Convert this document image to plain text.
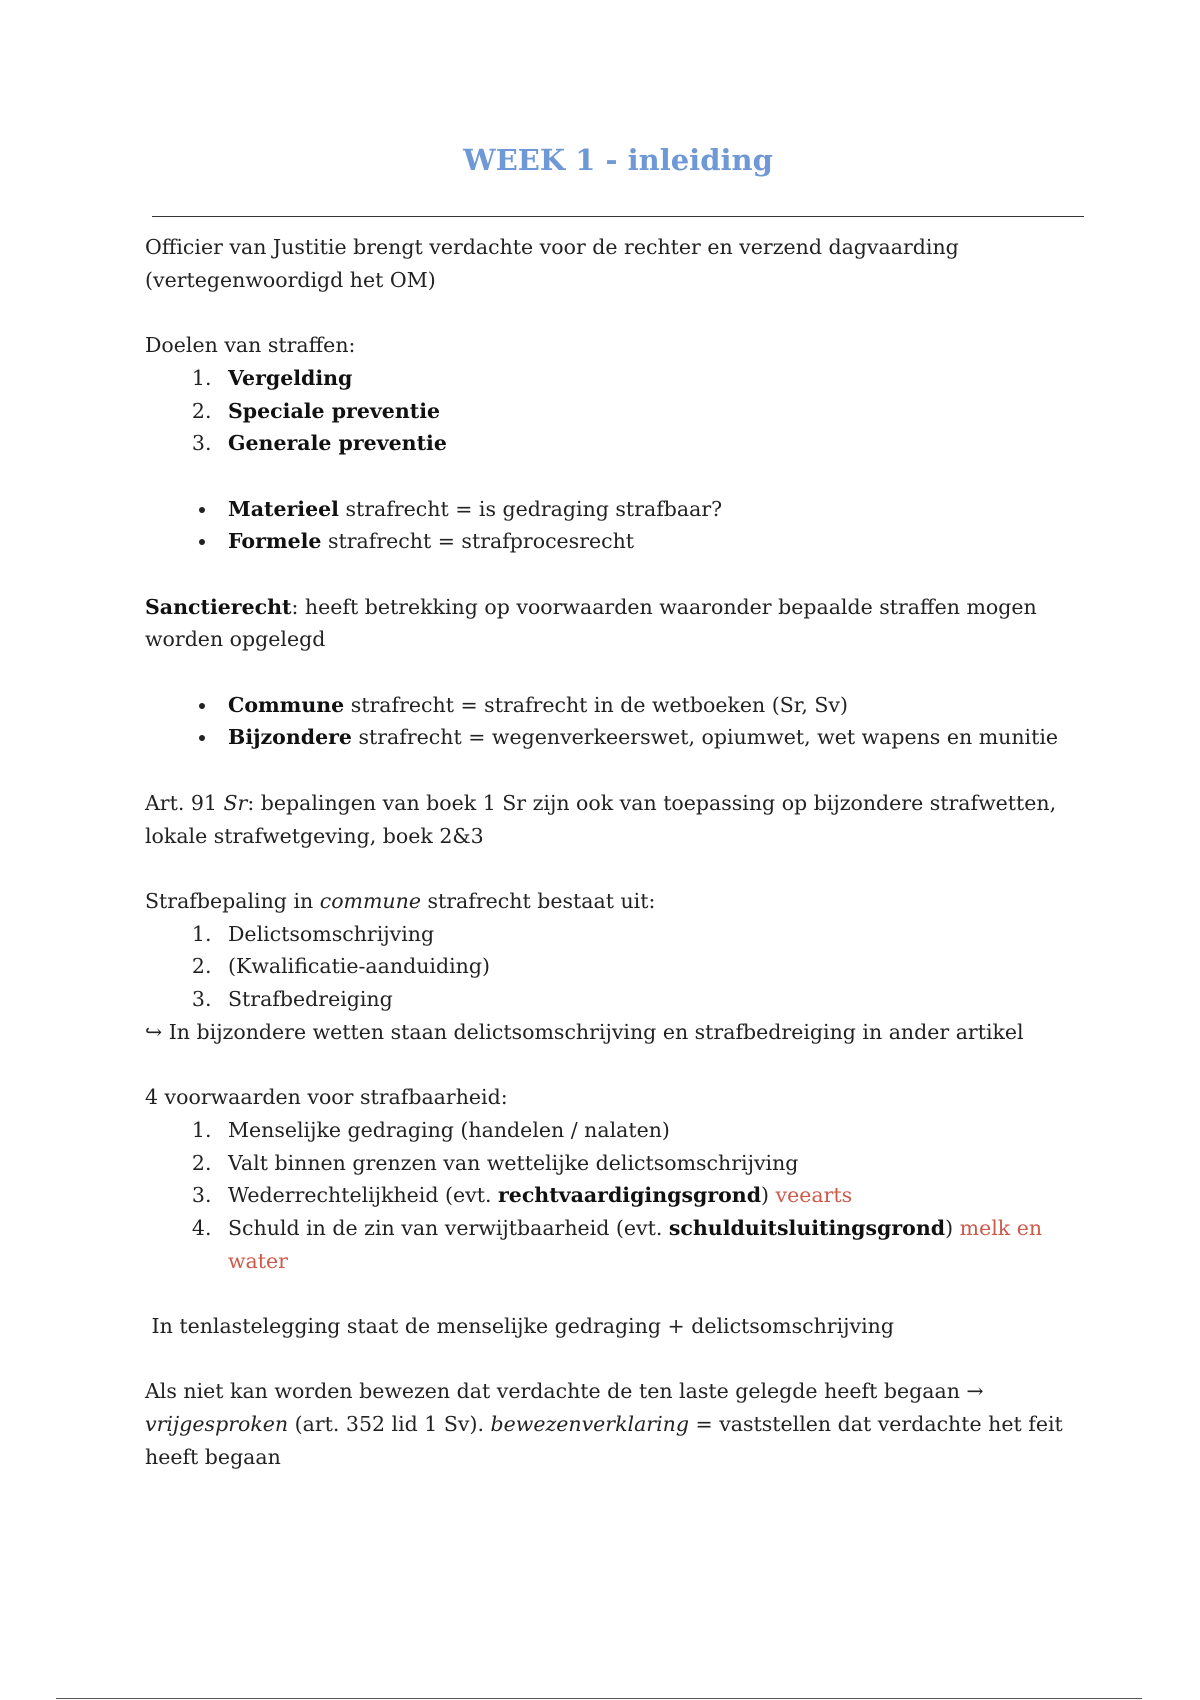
WEEK 1 - inleiding

Officier van Justitie brengt verdachte voor de rechter en verzend dagvaarding (vertegenwoordigd het OM)

Doelen van straffen:

1. Vergelding
2. Speciale preventie
3. Generale preventie
• Materieel strafrecht = is gedraging strafbaar?
• Formele strafrecht = strafprocesrecht

Sanctierecht: heeft betrekking op voorwaarden waaronder bepaalde straffen mogen worden opgelegd

• Commune strafrecht = strafrecht in de wetboeken (Sr, Sv)
• Bijzondere strafrecht = wegenverkeerswet, opiumwet, wet wapens en munitie

Art. 91 Sr: bepalingen van boek 1 Sr zijn ook van toepassing op bijzondere strafwetten, lokale strafwetgeving, boek 2&3

Strafbepaling in commune strafrecht bestaat uit:

1. Delictsomschrijving
2. (Kwalificatie-aanduiding)
3. Strafbedreiging

↪ In bijzondere wetten staan delictsomschrijving en strafbedreiging in ander artikel

4 voorwaarden voor strafbaarheid:

1. Menselijke gedraging (handelen / nalaten)
2. Valt binnen grenzen van wettelijke delictsomschrijving
3. Wederrechtelijkheid (evt. rechtvaardigingsgrond) veearts
4. Schuld in de zin van verwijtbaarheid (evt. schulduitsluitingsgrond) melk en water

In tenlastelegging staat de menselijke gedraging + delictsomschrijving

Als niet kan worden bewezen dat verdachte de ten laste gelegde heeft begaan → vrijgesproken (art. 352 lid 1 Sv). bewezenverklaring = vaststellen dat verdachte het feit heeft begaan
